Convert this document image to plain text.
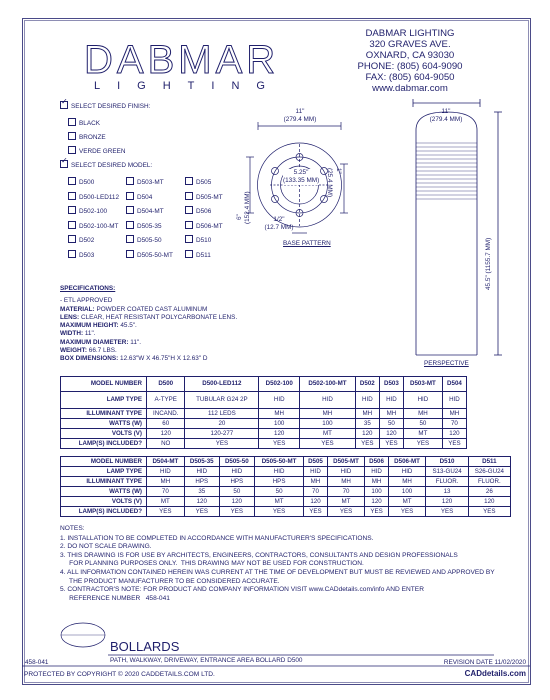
DABMAR
LIGHTING
DABMAR LIGHTING
320 GRAVES AVE.
OXNARD, CA 93030
PHONE: (805) 604-9090
FAX: (805) 604-9050
www.dabmar.com
✓
SELECT DESIRED FINISH:
BLACK
BRONZE
VERDE GREEN
✓
SELECT DESIRED MODEL:
D500
D500-LED112
D502-100
D502-100-MT
D502
D503
D503-MT
D504
D504-MT
D505-35
D505-50
D505-50-MT
D505
D505-MT
D506
D506-MT
D510
D511
11"
(279.4 MM)
5.25"
(133.35 MM)
1"
(25.4 MM)
6" (152.4 MM)	1/2"
(12.7 MM)
BASE PATTERN
11"
(279.4 MM)
45.5" (1155.7 MM)
PERSPECTIVE
SPECIFICATIONS:
- ETL APPROVED
MATERIAL: POWDER COATED CAST ALUMINUM
LENS: CLEAR, HEAT RESISTANT POLYCARBONATE LENS.
MAXIMUM HEIGHT: 45.5".
WIDTH: 11".
MAXIMUM DIAMETER: 11".
WEIGHT: 66.7 LBS.
BOX DIMENSIONS: 12.63"W X 46.75"H X 12.63" D
MODEL NUMBER	D500	D500-LED112	D502-100	D502-100-MT	D502	D503	D503-MT	D504
LAMP TYPE	A-TYPE	TUBULAR G24 2P	HID	HID	HID	HID	HID	HID
ILLUMINANT TYPE	INCAND.	112 LEDS	MH	MH	MH	MH	MH	MH
WATTS (W)	60	20	100	100	35	50	50	70
VOLTS (V)	120	120-277	120	MT	120	120	MT	120
LAMP(S) INCLUDED?	NO	YES	YES	YES	YES	YES	YES	YES
MODEL NUMBER	D504-MT	D505-35	D505-50	D505-50-MT	D505	D505-MT	D506	D506-MT	D510	D511
LAMP TYPE	HID	HID	HID	HID	HID	HID	HID	HID	S13-GU24	S26-GU24
ILLUMINANT TYPE	MH	HPS	HPS	HPS	MH	MH	MH	MH	FLUOR.	FLUOR.
WATTS (W)	70	35	50	50	70	70	100	100	13	26
VOLTS (V)	MT	120	120	MT	120	MT	120	MT	120	120
LAMP(S) INCLUDED?	YES	YES	YES	YES	YES	YES	YES	YES	YES	YES
NOTES:
1. INSTALLATION TO BE COMPLETED IN ACCORDANCE WITH MANUFACTURER'S SPECIFICATIONS.
2. DO NOT SCALE DRAWING.
3. THIS DRAWING IS FOR USE BY ARCHITECTS, ENGINEERS, CONTRACTORS, CONSULTANTS AND DESIGN PROFESSIONALS
FOR PLANNING PURPOSES ONLY.  THIS DRAWING MAY NOT BE USED FOR CONSTRUCTION.
4. ALL INFORMATION CONTAINED HEREIN WAS CURRENT AT THE TIME OF DEVELOPMENT BUT MUST BE REVIEWED AND APPROVED BY
THE PRODUCT MANUFACTURER TO BE CONSIDERED ACCURATE.
5. CONTRACTOR'S NOTE: FOR PRODUCT AND COMPANY INFORMATION VISIT www.CADdetails.com/info AND ENTER
REFERENCE NUMBER   458-041
BOLLARDS
PATH, WALKWAY, DRIVEWAY, ENTRANCE AREA BOLLARD D500
458-041	REVISION DATE 11/02/2020
PROTECTED BY COPYRIGHT © 2020 CADDETAILS.COM LTD.	CADdetails.com
